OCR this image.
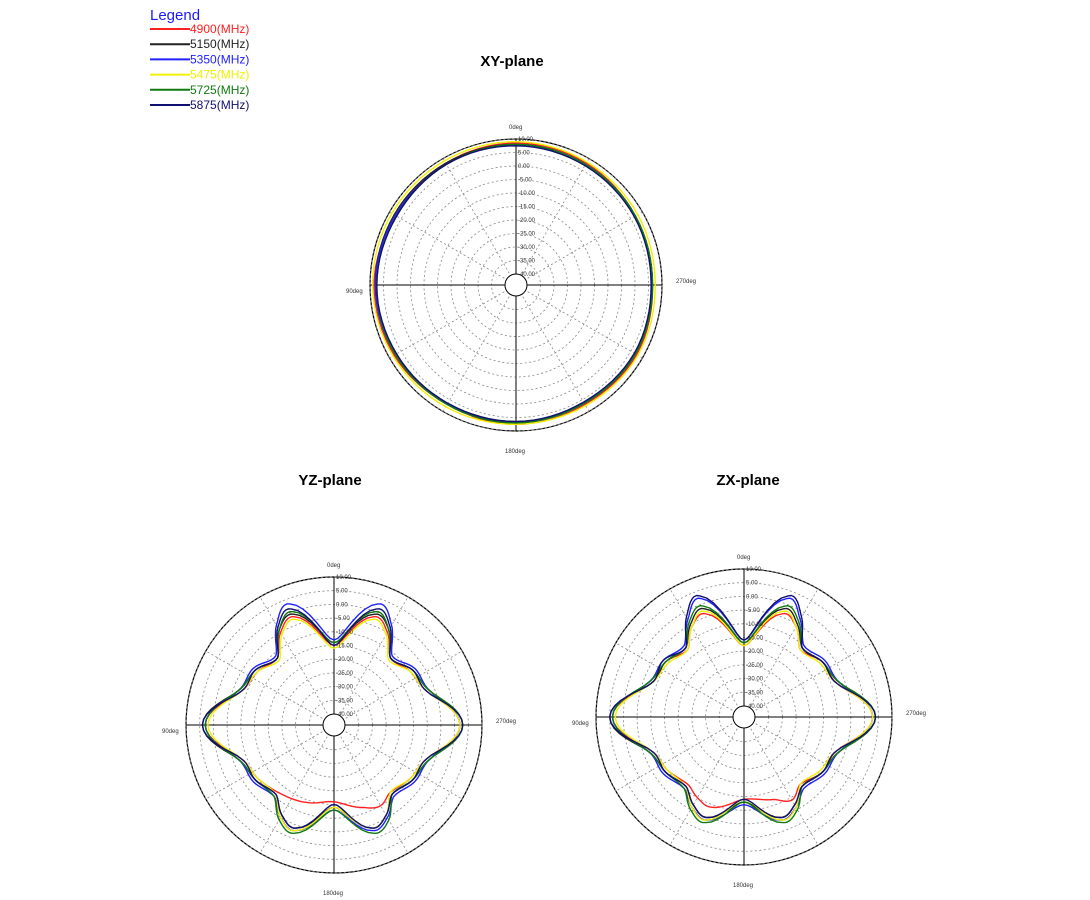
Legend
4900(MHz)
5150(MHz)
5350(MHz)
5475(MHz)
5725(MHz)
5875(MHz)
XY-plane
10.00
5.00
0.00
-5.00
-10.00
-15.00
-20.00
-25.00
-30.00
-35.00
-40.00
0deg
90deg
270deg
180deg
YZ-plane
10.00
5.00
0.00
-5.00
-10.00
-15.00
-20.00
-25.00
-30.00
-35.00
-40.00
0deg
90deg
270deg
180deg
ZX-plane
10.00
5.00
0.00
-5.00
-10.00
-15.00
-20.00
-25.00
-30.00
-35.00
-40.00
0deg
90deg
270deg
180deg
